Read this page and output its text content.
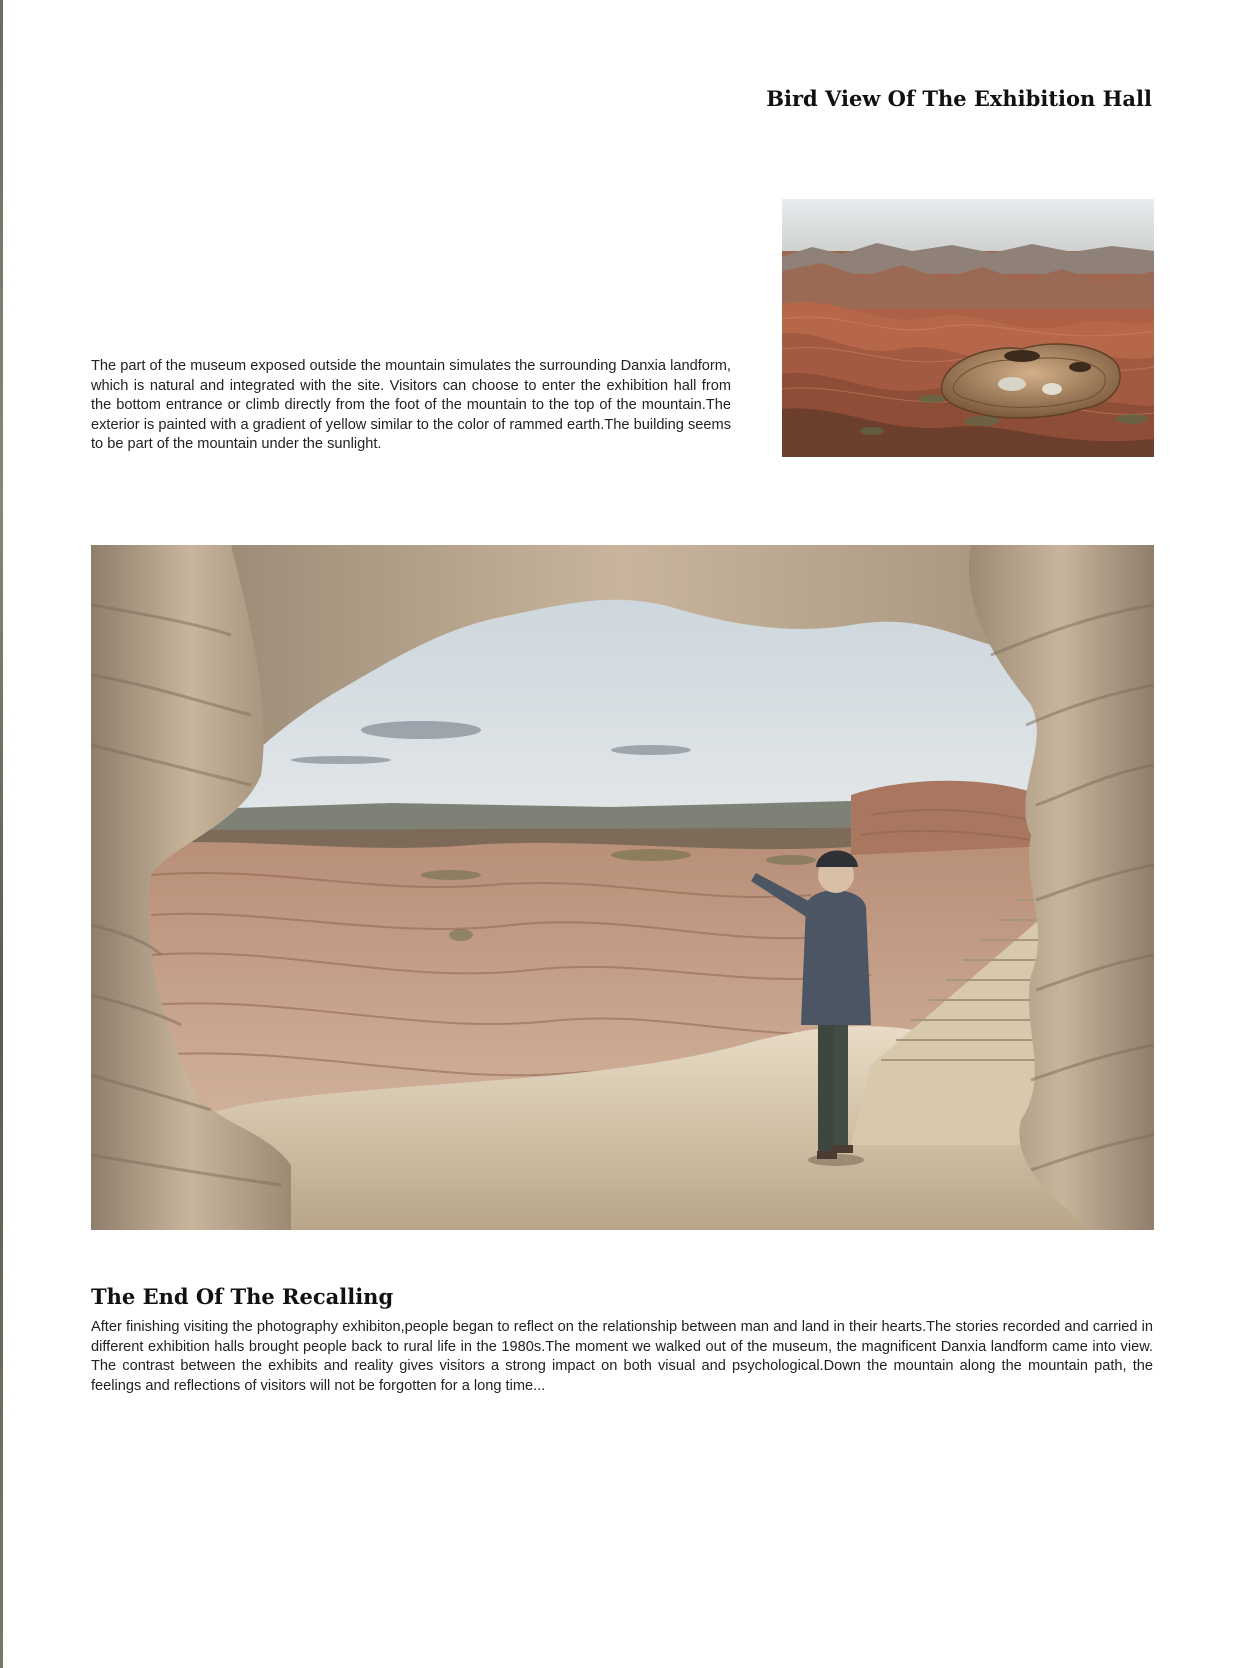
Bird View Of The Exhibition Hall

The part of the museum exposed outside the mountain simulates the surrounding Danxia landform, which is natural and integrated with the site. Visitors can choose to enter the exhibition hall from the bottom entrance or climb directly from the foot of the mountain to the top of the mountain.The exterior is painted with a gradient of yellow similar to the color of rammed earth.The building seems to be part of the mountain under the sunlight.

The End Of The Recalling

After finishing visiting the photography exhibiton,people began to reflect on the relationship between man and land in their hearts.The stories recorded and carried in different exhibition halls brought people back to rural life in the 1980s.The moment we walked out of the museum, the magnificent Danxia landform came into view. The contrast between the exhibits and reality gives visitors a strong impact on both visual and psychological.Down the mountain along the mountain path, the feelings and reflections of visitors will not be forgotten for a long time...
